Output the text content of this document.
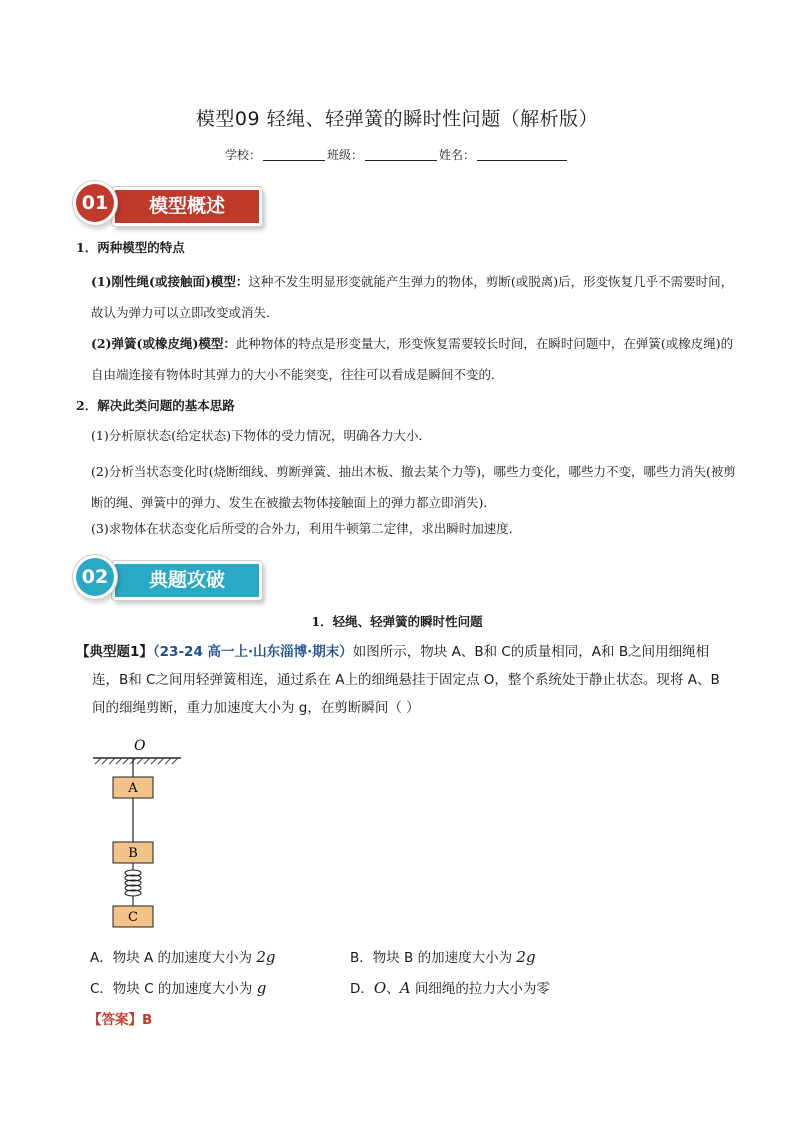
模型09 轻绳、轻弹簧的瞬时性问题（解析版）
学校：	班级：	姓名：
01	模型概述
1．两种模型的特点
(1)刚性绳(或接触面)模型：这种不发生明显形变就能产生弹力的物体，剪断(或脱离)后，形变恢复几乎不需要时间，故认为弹力可以立即改变或消失．
(2)弹簧(或橡皮绳)模型：此种物体的特点是形变量大，形变恢复需要较长时间，在瞬时问题中，在弹簧(或橡皮绳)的自由端连接有物体时其弹力的大小不能突变，往往可以看成是瞬间不变的．
2．解决此类问题的基本思路
(1)分析原状态(给定状态)下物体的受力情况，明确各力大小．
(2)分析当状态变化时(烧断细线、剪断弹簧、抽出木板、撤去某个力等)，哪些力变化，哪些力不变，哪些力消失(被剪断的绳、弹簧中的弹力、发生在被撤去物体接触面上的弹力都立即消失)．
(3)求物体在状态变化后所受的合外力，利用牛顿第二定律，求出瞬时加速度．
02	典题攻破
1．轻绳、轻弹簧的瞬时性问题
【典型题1】（23-24 高一上·山东淄博·期末）如图所示，物块 A、B和 C的质量相同，A和 B之间用细绳相
连，B和 C之间用轻弹簧相连，通过系在 A上的细绳悬挂于固定点 O，整个系统处于静止状态。现将 A、B
间的细绳剪断，重力加速度大小为 g，在剪断瞬间（ ）
O
A
B
C
A．物块 A 的加速度大小为 2g	B．物块 B 的加速度大小为 2g
C．物块 C 的加速度大小为 g	D．O、A 间细绳的拉力大小为零
【答案】B
